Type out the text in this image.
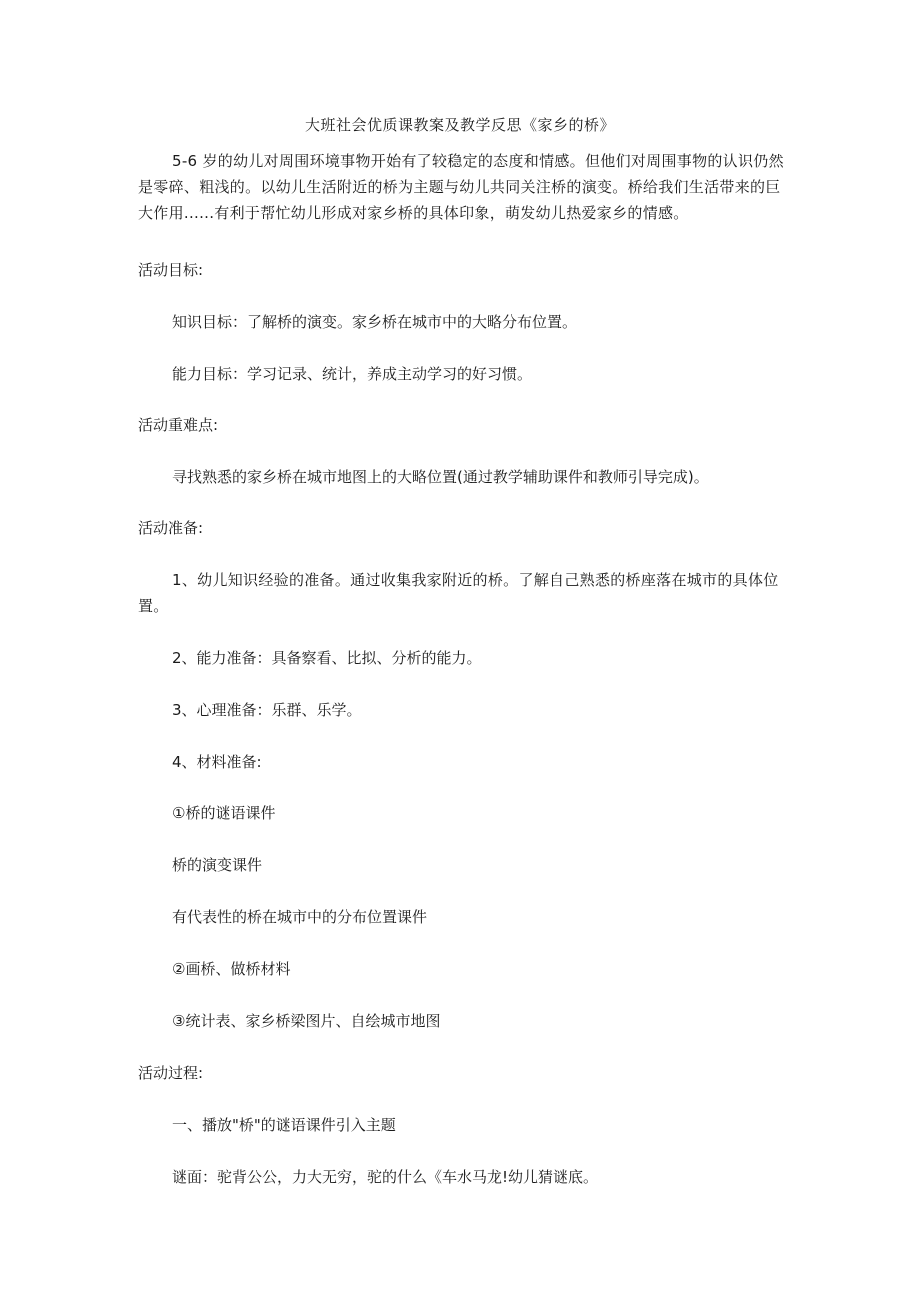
大班社会优质课教案及教学反思《家乡的桥》

5-6 岁的幼儿对周围环境事物开始有了较稳定的态度和情感。但他们对周围事物的认识仍然是零碎、粗浅的。以幼儿生活附近的桥为主题与幼儿共同关注桥的演变。桥给我们生活带来的巨大作用......有利于帮忙幼儿形成对家乡桥的具体印象，萌发幼儿热爱家乡的情感。

活动目标:

知识目标：了解桥的演变。家乡桥在城市中的大略分布位置。

能力目标：学习记录、统计，养成主动学习的好习惯。

活动重难点:

寻找熟悉的家乡桥在城市地图上的大略位置(通过教学辅助课件和教师引导完成)。

活动准备:

1、幼儿知识经验的准备。通过收集我家附近的桥。了解自己熟悉的桥座落在城市的具体位置。

2、能力准备：具备察看、比拟、分析的能力。

3、心理准备：乐群、乐学。

4、材料准备:

①桥的谜语课件

桥的演变课件

有代表性的桥在城市中的分布位置课件

②画桥、做桥材料

③统计表、家乡桥梁图片、自绘城市地图

活动过程:

一、播放"桥"的谜语课件引入主题

谜面：驼背公公，力大无穷，驼的什么《车水马龙!幼儿猜谜底。
